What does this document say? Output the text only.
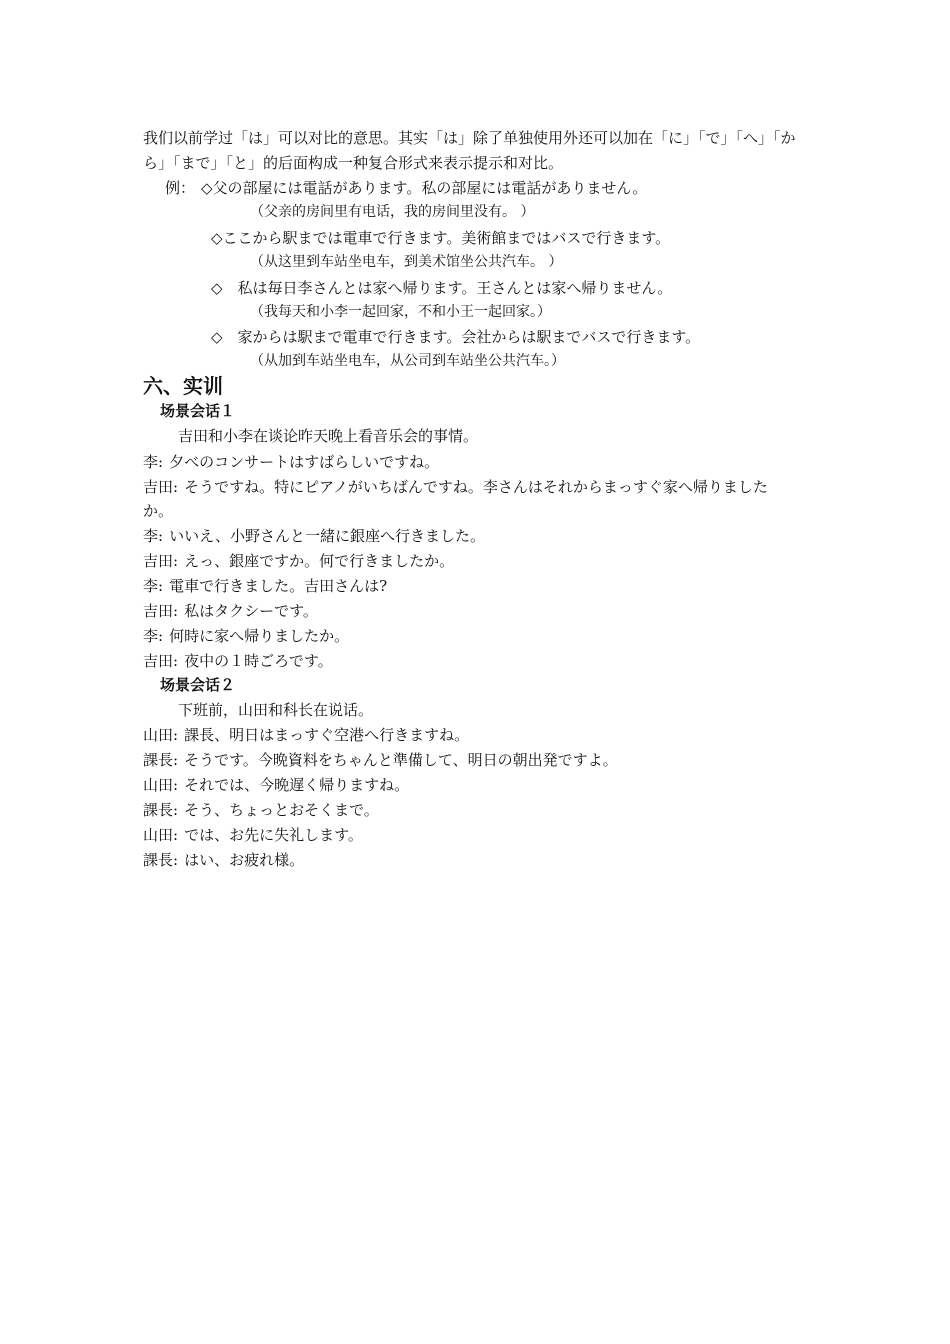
我们以前学过「は」可以对比的意思。其实「は」除了单独使用外还可以加在「に」「で」「へ」「か
ら」「まで」「と」的后面构成一种复合形式来表示提示和对比。
例： ◇父の部屋には電話があります。私の部屋には電話がありません。
（父亲的房间里有电话，我的房间里没有。 ）
◇ここから駅までは電車で行きます。美術館まではバスで行きます。
（从这里到车站坐电车，到美术馆坐公共汽车。 ）
◇　私は毎日李さんとは家へ帰ります。王さんとは家へ帰りません。
（我每天和小李一起回家，不和小王一起回家。）
◇　家からは駅まで電車で行きます。会社からは駅までバスで行きます。
（从加到车站坐电车，从公司到车站坐公共汽车。）
六、实训
场景会话１
吉田和小李在谈论昨天晚上看音乐会的事情。
李: 夕べのコンサートはすばらしいですね。
吉田: そうですね。特にピアノがいちばんですね。李さんはそれからまっすぐ家へ帰りました
か。
李: いいえ、小野さんと一緒に銀座へ行きました。
吉田: えっ、銀座ですか。何で行きましたか。
李: 電車で行きました。吉田さんは?
吉田: 私はタクシーです。
李: 何時に家へ帰りましたか。
吉田: 夜中の１時ごろです。
场景会话２
下班前，山田和科长在说话。
山田: 課長、明日はまっすぐ空港へ行きますね。
課長: そうです。今晩資料をちゃんと準備して、明日の朝出発ですよ。
山田: それでは、今晩遅く帰りますね。
課長: そう、ちょっとおそくまで。
山田: では、お先に失礼します。
課長: はい、お疲れ様。
